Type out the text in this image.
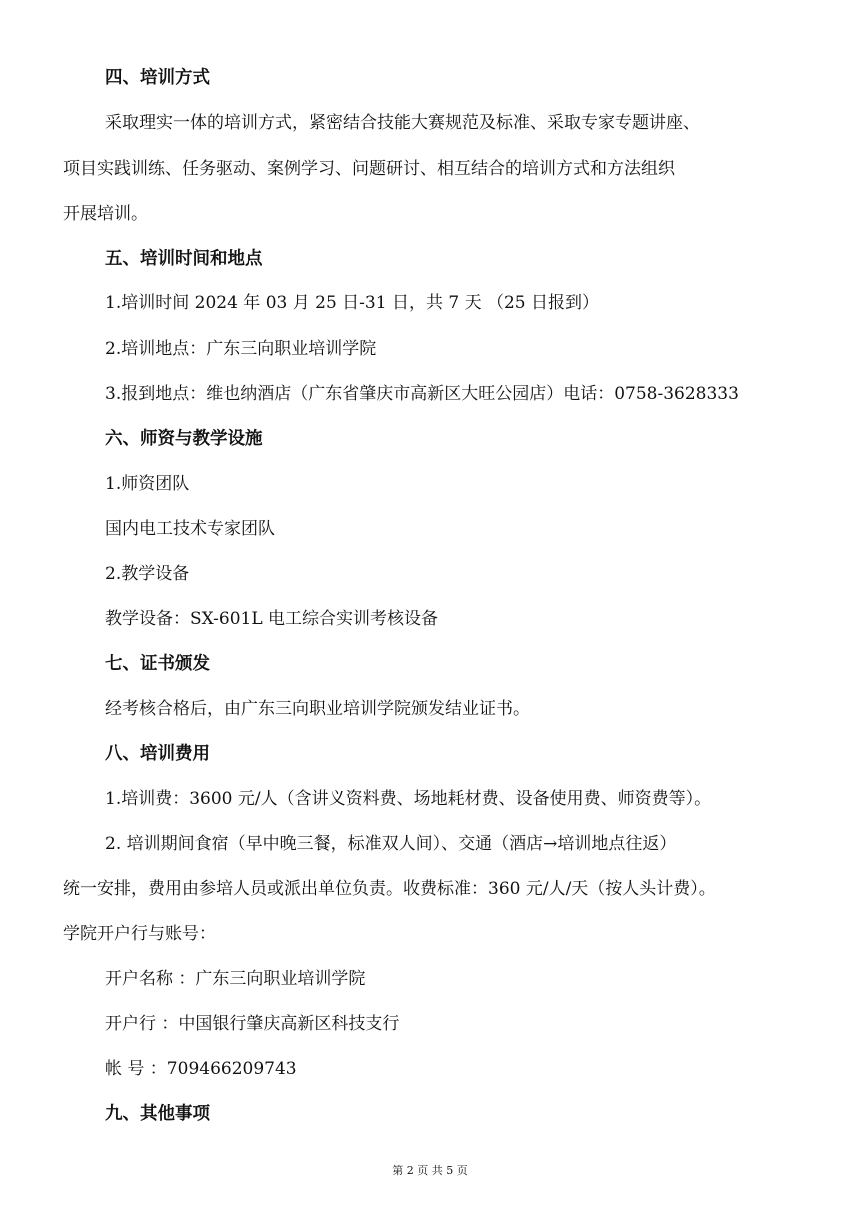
四、培训方式
采取理实一体的培训方式，紧密结合技能大赛规范及标准、采取专家专题讲座、
项目实践训练、任务驱动、案例学习、问题研讨、相互结合的培训方式和方法组织
开展培训。
五、培训时间和地点
1.培训时间 2024 年 03 月 25 日-31 日，共 7 天 （25 日报到）
2.培训地点：广东三向职业培训学院
3.报到地点：维也纳酒店（广东省肇庆市高新区大旺公园店）电话：0758-3628333
六、师资与教学设施
1.师资团队
国内电工技术专家团队
2.教学设备
教学设备：SX-601L 电工综合实训考核设备
七、证书颁发
经考核合格后，由广东三向职业培训学院颁发结业证书。
八、培训费用
1.培训费：3600 元/人（含讲义资料费、场地耗材费、设备使用费、师资费等）。
2. 培训期间食宿（早中晚三餐，标准双人间）、交通（酒店→培训地点往返）
统一安排，费用由参培人员或派出单位负责。收费标准：360 元/人/天（按人头计费）。
学院开户行与账号：
开户名称 ：广东三向职业培训学院
开户行 ：中国银行肇庆高新区科技支行
帐 号 ：709466209743
九、其他事项
第 2 页 共 5 页
